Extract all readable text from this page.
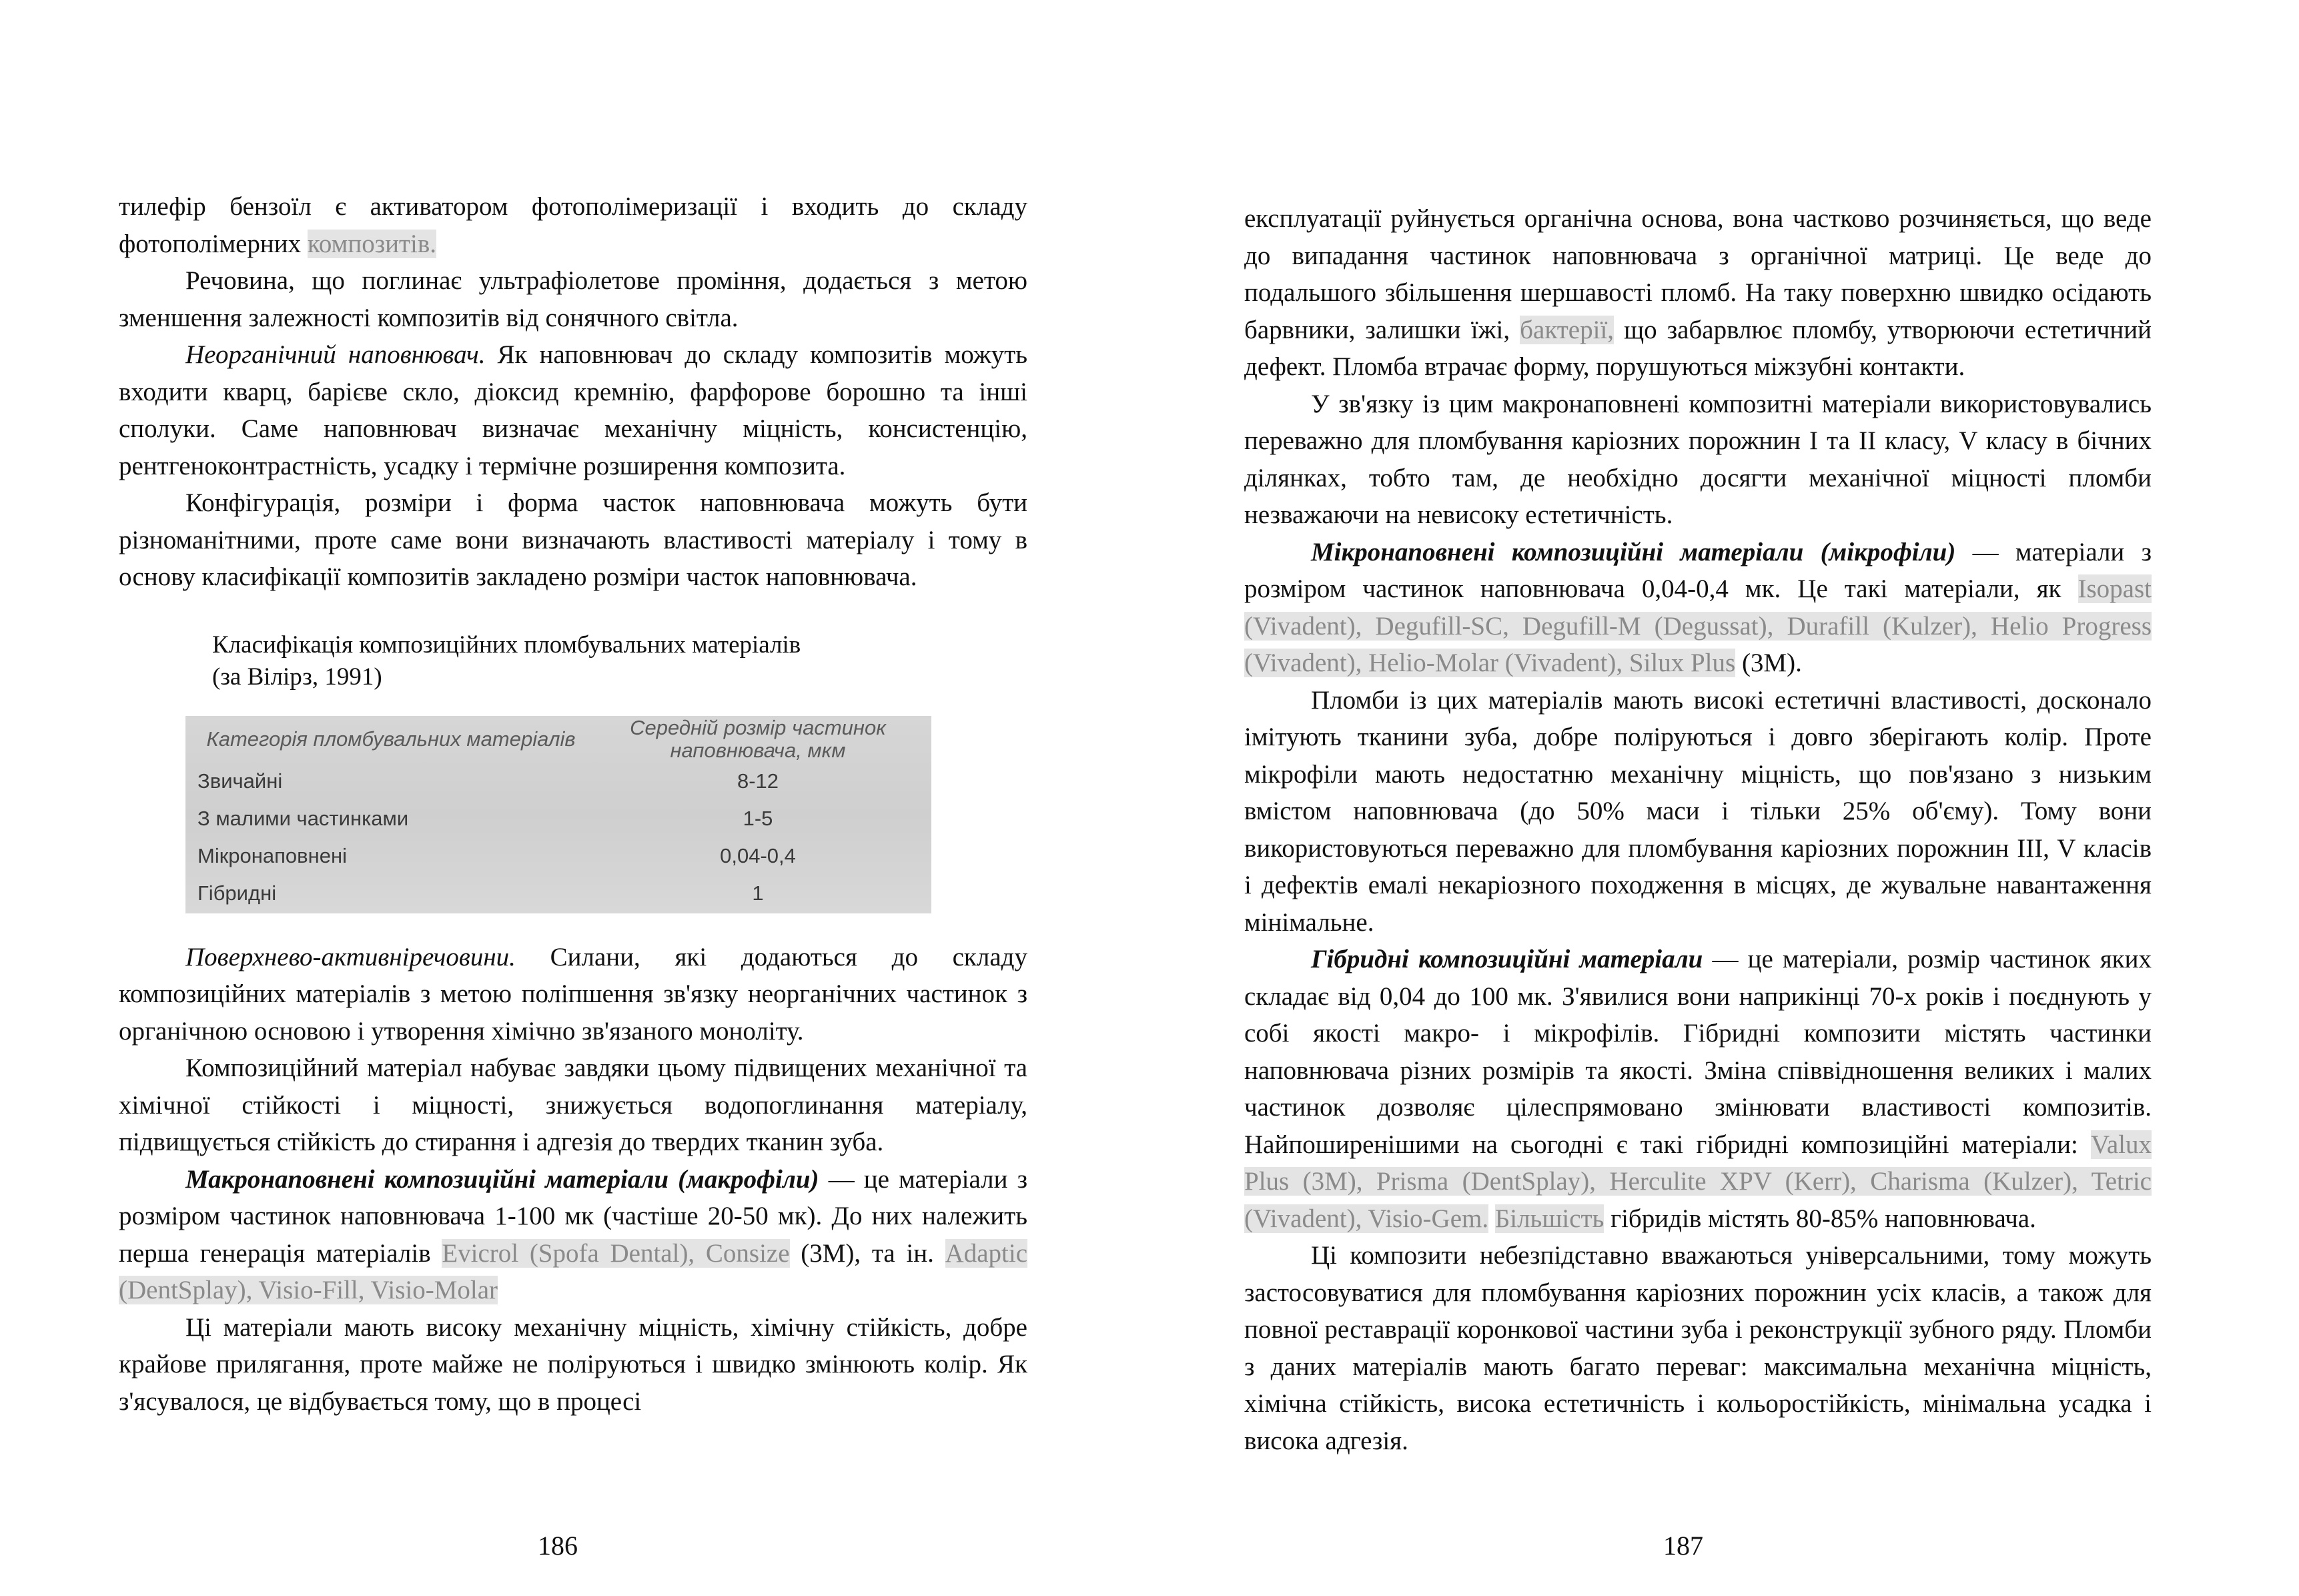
тилефір бензоїл є активатором фотополімеризації і входить до складу фотополімерних композитів.

Речовина, що поглинає ультрафіолетове проміння, додається з метою зменшення залежності композитів від сонячного світла.

Неорганічний наповнювач. Як наповнювач до складу композитів можуть входити кварц, барієве скло, діоксид кремнію, фарфорове борошно та інші сполуки. Саме наповнювач визначає механічну міцність, консистенцію, рентгеноконтрастність, усадку і термічне розширення композита.

Конфігурація, розміри і форма часток наповнювача можуть бути різноманітними, проте саме вони визначають властивості матеріалу і тому в основу класифікації композитів закладено розміри часток наповнювача.

Класифікація композиційних пломбувальних матеріалів
(за Вілірз, 1991)
Категорія пломбувальних матеріалів	Середній розмір частинок наповнювача, мкм
Звичайні	8-12
З малими частинками	1-5
Мікронаповнені	0,04-0,4
Гібридні	1

Поверхнево-активніречовини. Силани, які додаються до складу композиційних матеріалів з метою поліпшення зв'язку неорганічних частинок з органічною основою і утворення хімічно зв'язаного моноліту.

Композиційний матеріал набуває завдяки цьому підвищених механічної та хімічної стійкості і міцності, знижується водопоглинання матеріалу, підвищується стійкість до стирання і адгезія до твердих тканин зуба.

Макронаповнені композиційні матеріали (макрофіли) — це матеріали з розміром частинок наповнювача 1-100 мк (частіше 20-50 мк). До них належить перша генерація матеріалів Evicrol (Spofa Dental), Consize (3M), та ін. Adaptic (DentSplay), Visio-Fill, Visio-Molar

Ці матеріали мають високу механічну міцність, хімічну стійкість, добре крайове прилягання, проте майже не поліруються і швидко змінюють колір. Як з'ясувалося, це відбувається тому, що в процесі

186

експлуатації руйнується органічна основа, вона частково розчиняється, що веде до випадання частинок наповнювача з органічної матриці. Це веде до подальшого збільшення шершавості пломб. На таку поверхню швидко осідають барвники, залишки їжі, бактерії, що забарвлює пломбу, утворюючи естетичний дефект. Пломба втрачає форму, порушуються міжзубні контакти.

У зв'язку із цим макронаповнені композитні матеріали використовувались переважно для пломбування каріозних порожнин I та II класу, V класу в бічних ділянках, тобто там, де необхідно досягти механічної міцності пломби незважаючи на невисоку естетичність.

Мікронаповнені композиційні матеріали (мікрофіли) — матеріали з розміром частинок наповнювача 0,04-0,4 мк. Це такі матеріали, як Isopast (Vivadent), Degufill-SC, Degufill-M (Degussat), Durafill (Kulzer), Helio Progress (Vivadent), Helio-Molar (Vivadent), Silux Plus (3M).

Пломби із цих матеріалів мають високі естетичні властивості, досконало імітують тканини зуба, добре поліруються і довго зберігають колір. Проте мікрофіли мають недостатню механічну міцність, що пов'язано з низьким вмістом наповнювача (до 50% маси і тільки 25% об'єму). Тому вони використовуються переважно для пломбування каріозних порожнин III, V класів і дефектів емалі некаріозного походження в місцях, де жувальне навантаження мінімальне.

Гібридні композиційні матеріали — це матеріали, розмір частинок яких складає від 0,04 до 100 мк. З'явилися вони наприкінці 70-х років і поєднують у собі якості макро- і мікрофілів. Гібридні композити містять частинки наповнювача різних розмірів та якості. Зміна співвідношення великих і малих частинок дозволяє цілеспрямовано змінювати властивості композитів. Найпоширенішими на сьогодні є такі гібридні композиційні матеріали: Valux Plus (3M), Prisma (DentSplay), Herculite XPV (Kerr), Charisma (Kulzer), Tetric (Vivadent), Visio-Gem. Більшість гібридів містять 80-85% наповнювача.

Ці композити небезпідставно вважаються універсальними, тому можуть застосовуватися для пломбування каріозних порожнин усіх класів, а також для повної реставрації коронкової частини зуба і реконструкції зубного ряду. Пломби з даних матеріалів мають багато переваг: максимальна механічна міцність, хімічна стійкість, висока естетичність і кольоростійкість, мінімальна усадка і висока адгезія.

187
